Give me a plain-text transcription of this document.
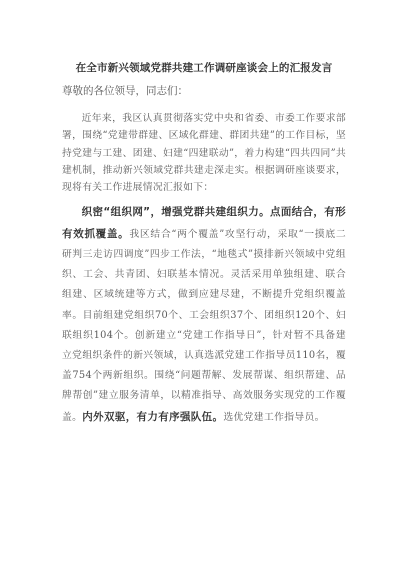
在全市新兴领域党群共建工作调研座谈会上的汇报发言
尊敬的各位领导，同志们：

近年来，我区认真贯彻落实党中央和省委、市委工作要求部署，围绕“党建带群建、区域化群建、群团共建”的工作目标，坚持党建与工建、团建、妇建“四建联动”，着力构建“四共四同”共建机制，推动新兴领域党群共建走深走实。根据调研座谈要求，现将有关工作进展情况汇报如下：

织密“组织网”，增强党群共建组织力。点面结合，有形有效抓覆盖。我区结合“两个覆盖”攻坚行动，采取“一摸底二研判三走访四调度”四步工作法，“地毯式”摸排新兴领域中党组织、工会、共青团、妇联基本情况。灵活采用单独组建、联合组建、区域统建等方式，做到应建尽建，不断提升党组织覆盖率。目前组建党组织70个、工会组织37个、团组织120个、妇联组织104个。创新建立“党建工作指导日”，针对暂不具备建立党组织条件的新兴领域，认真选派党建工作指导员110名，覆盖754个两新组织。围绕“问题帮解、发展帮谋、组织帮建、品牌帮创”建立服务清单，以精准指导、高效服务实现党的工作覆盖。内外双驱，有力有序强队伍。选优党建工作指导员。
